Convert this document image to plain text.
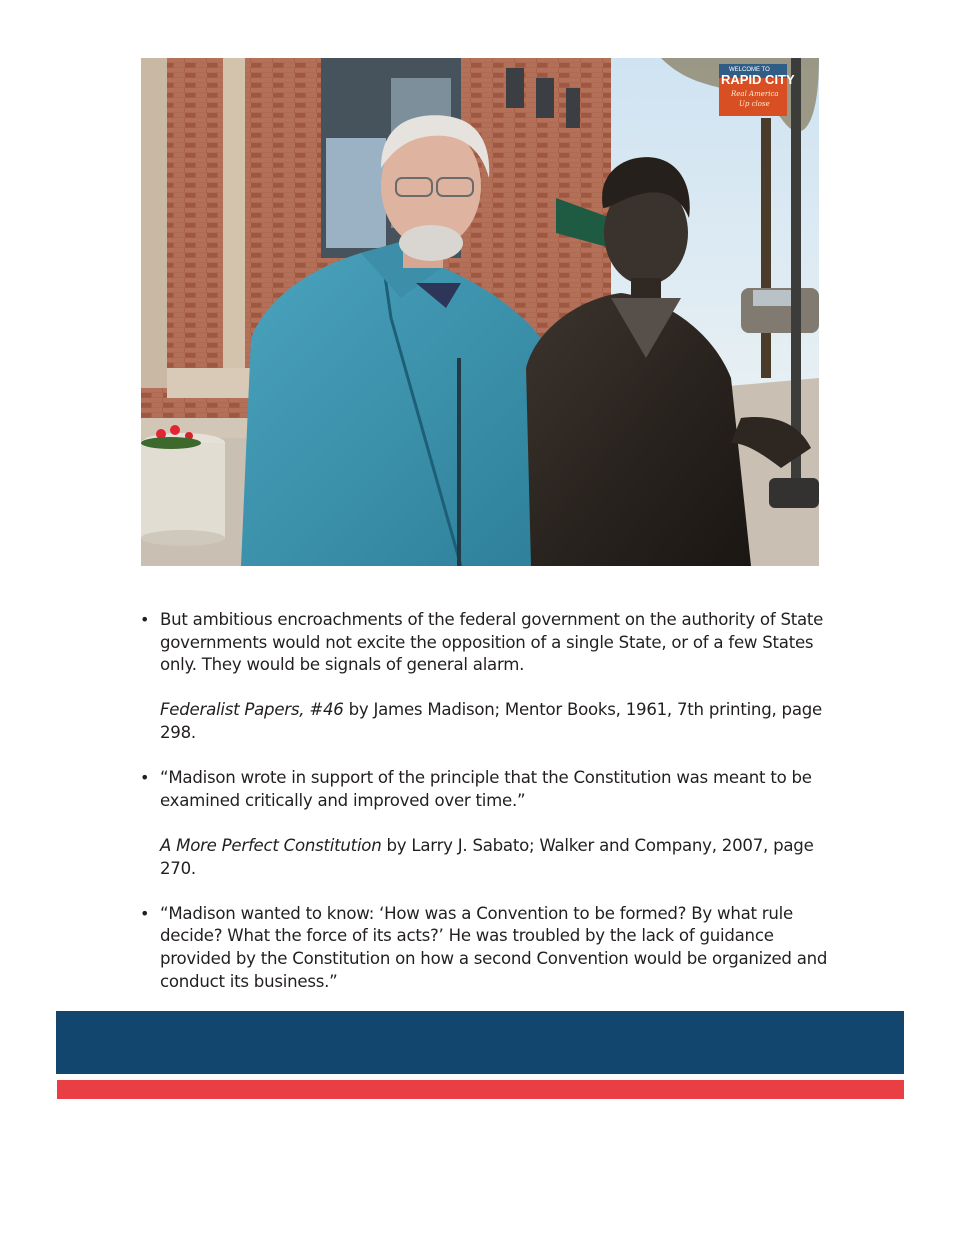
WELCOME TO
RAPID CITY
Real America
Up close
• But ambitious encroachments of the federal government on the authority of State governments would not excite the opposition of a single State, or of a few States only. They would be signals of general alarm.

Federalist Papers, #46 by James Madison; Mentor Books, 1961, 7th printing, page 298.

• “Madison wrote in support of the principle that the Constitution was meant to be examined critically and improved over time.”

A More Perfect Constitution by Larry J. Sabato; Walker and Company, 2007, page 270.

• “Madison wanted to know: ‘How was a Convention to be formed? By what rule decide? What the force of its acts?’ He was troubled by the lack of guidance provided by the Constitution on how a second Convention would be organized and conduct its business.”
